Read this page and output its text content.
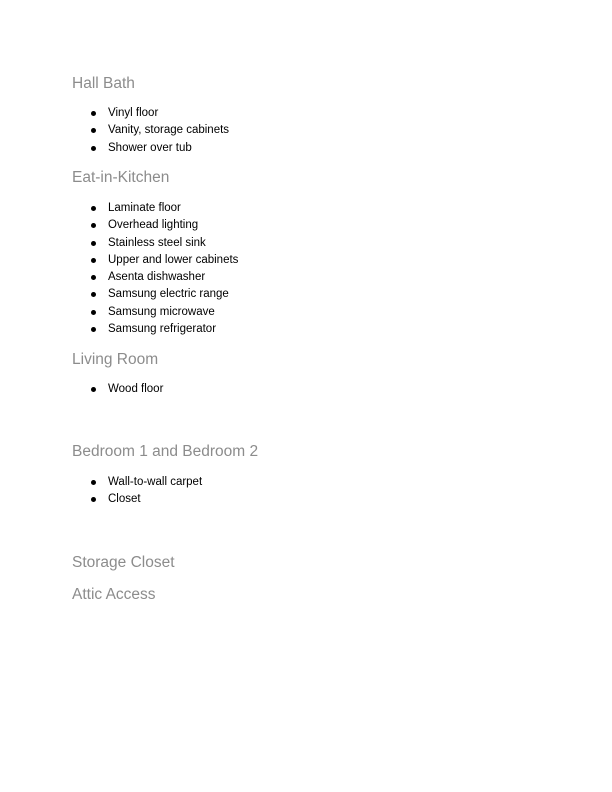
Hall Bath
Vinyl floor
Vanity, storage cabinets
Shower over tub
Eat-in-Kitchen
Laminate floor
Overhead lighting
Stainless steel sink
Upper and lower cabinets
Asenta dishwasher
Samsung electric range
Samsung microwave
Samsung refrigerator
Living Room
Wood floor
Bedroom 1 and Bedroom 2
Wall-to-wall carpet
Closet
Storage Closet
Attic Access
